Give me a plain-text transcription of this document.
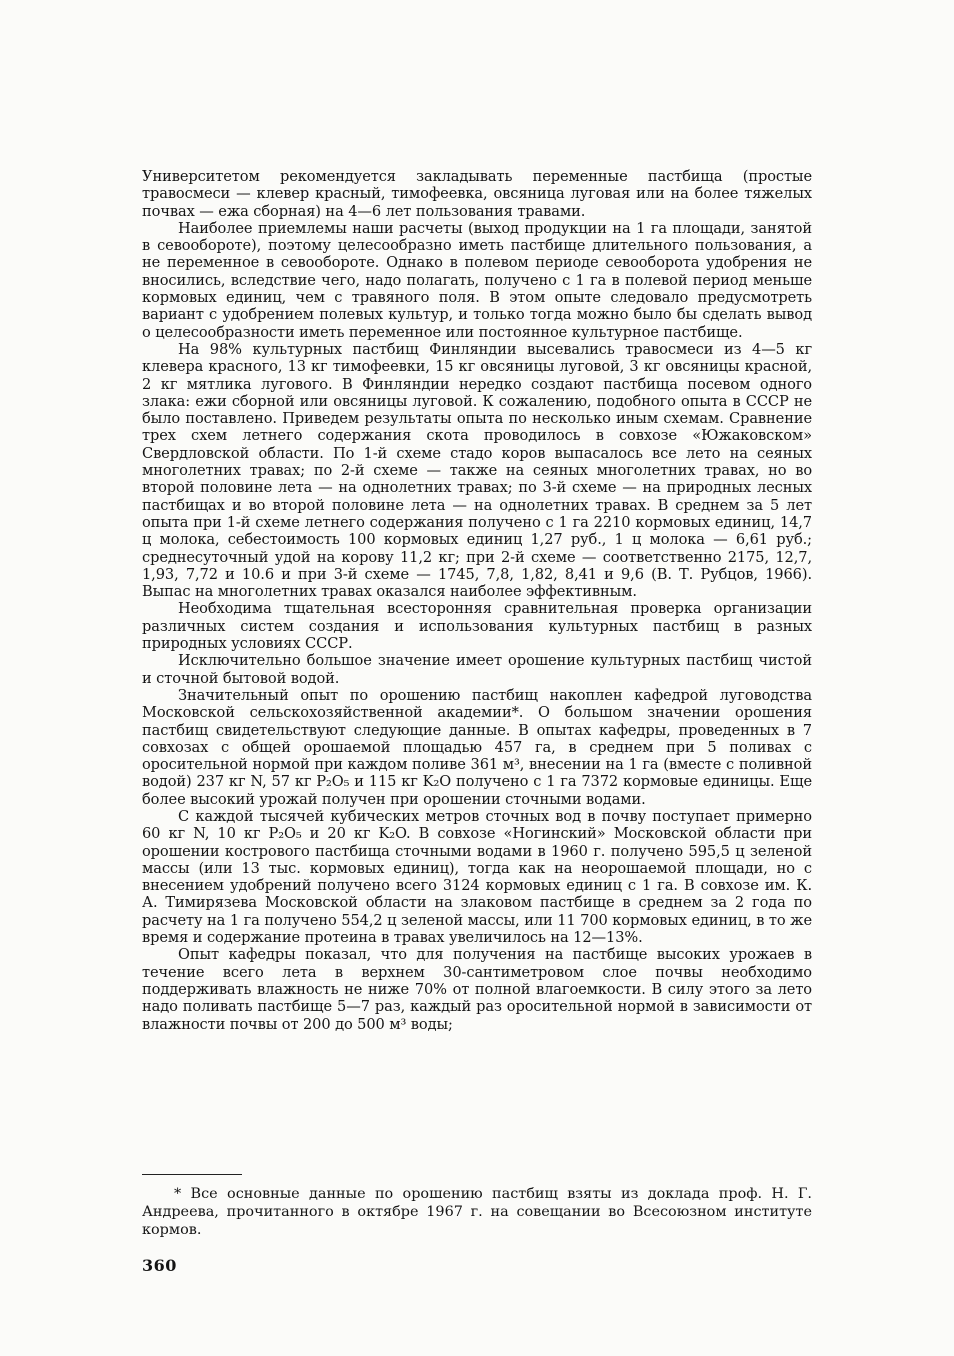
Университетом рекомендуется закладывать переменные пастбища (простые травосмеси — клевер красный, тимофеевка, овсяница луговая или на более тяжелых почвах — ежа сборная) на 4—6 лет пользования травами.

Наиболее приемлемы наши расчеты (выход продукции на 1 га площади, занятой в севообороте), поэтому целесообразно иметь пастбище длительного пользования, а не переменное в севообороте. Однако в полевом периоде севооборота удобрения не вносились, вследствие чего, надо полагать, получено с 1 га в полевой период меньше кормовых единиц, чем с травяного поля. В этом опыте следовало предусмотреть вариант с удобрением полевых культур, и только тогда можно было бы сделать вывод о целесообразности иметь переменное или постоянное культурное пастбище.

На 98% культурных пастбищ Финляндии высевались травосмеси из 4—5 кг клевера красного, 13 кг тимофеевки, 15 кг овсяницы луговой, 3 кг овсяницы красной, 2 кг мятлика лугового. В Финляндии нередко создают пастбища посевом одного злака: ежи сборной или овсяницы луговой. К сожалению, подобного опыта в СССР не было поставлено. Приведем результаты опыта по несколько иным схемам. Сравнение трех схем летнего содержания скота проводилось в совхозе «Южаковском» Свердловской области. По 1-й схеме стадо коров выпасалось все лето на сеяных многолетних травах; по 2-й схеме — также на сеяных многолетних травах, но во второй половине лета — на однолетних травах; по 3-й схеме — на природных лесных пастбищах и во второй половине лета — на однолетних травах. В среднем за 5 лет опыта при 1-й схеме летнего содержания получено с 1 га 2210 кормовых единиц, 14,7 ц молока, себестоимость 100 кормовых единиц 1,27 руб., 1 ц молока — 6,61 руб.; среднесуточный удой на корову 11,2 кг; при 2-й схеме — соответственно 2175, 12,7, 1,93, 7,72 и 10.6 и при 3-й схеме — 1745, 7,8, 1,82, 8,41 и 9,6 (В. Т. Рубцов, 1966). Выпас на многолетних травах оказался наиболее эффективным.

Необходима тщательная всесторонняя сравнительная проверка организации различных систем создания и использования культурных пастбищ в разных природных условиях СССР.

Исключительно большое значение имеет орошение культурных пастбищ чистой и сточной бытовой водой.

Значительный опыт по орошению пастбищ накоплен кафедрой луговодства Московской сельскохозяйственной академии*. О большом значении орошения пастбищ свидетельствуют следующие данные. В опытах кафедры, проведенных в 7 совхозах с общей орошаемой площадью 457 га, в среднем при 5 поливах с оросительной нормой при каждом поливе 361 м³, внесении на 1 га (вместе с поливной водой) 237 кг N, 57 кг P₂O₅ и 115 кг K₂O получено с 1 га 7372 кормовые единицы. Еще более высокий урожай получен при орошении сточными водами.

С каждой тысячей кубических метров сточных вод в почву поступает примерно 60 кг N, 10 кг P₂O₅ и 20 кг K₂O. В совхозе «Ногинский» Московской области при орошении кострового пастбища сточными водами в 1960 г. получено 595,5 ц зеленой массы (или 13 тыс. кормовых единиц), тогда как на неорошаемой площади, но с внесением удобрений получено всего 3124 кормовых единиц с 1 га. В совхозе им. К. А. Тимирязева Московской области на злаковом пастбище в среднем за 2 года по расчету на 1 га получено 554,2 ц зеленой массы, или 11 700 кормовых единиц, в то же время и содержание протеина в травах увеличилось на 12—13%.

Опыт кафедры показал, что для получения на пастбище высоких урожаев в течение всего лета в верхнем 30-сантиметровом слое почвы необходимо поддерживать влажность не ниже 70% от полной влагоемкости. В силу этого за лето надо поливать пастбище 5—7 раз, каждый раз оросительной нормой в зависимости от влажности почвы от 200 до 500 м³ воды;

* Все основные данные по орошению пастбищ взяты из доклада проф. Н. Г. Андреева, прочитанного в октябре 1967 г. на совещании во Всесоюзном институте кормов.

360
